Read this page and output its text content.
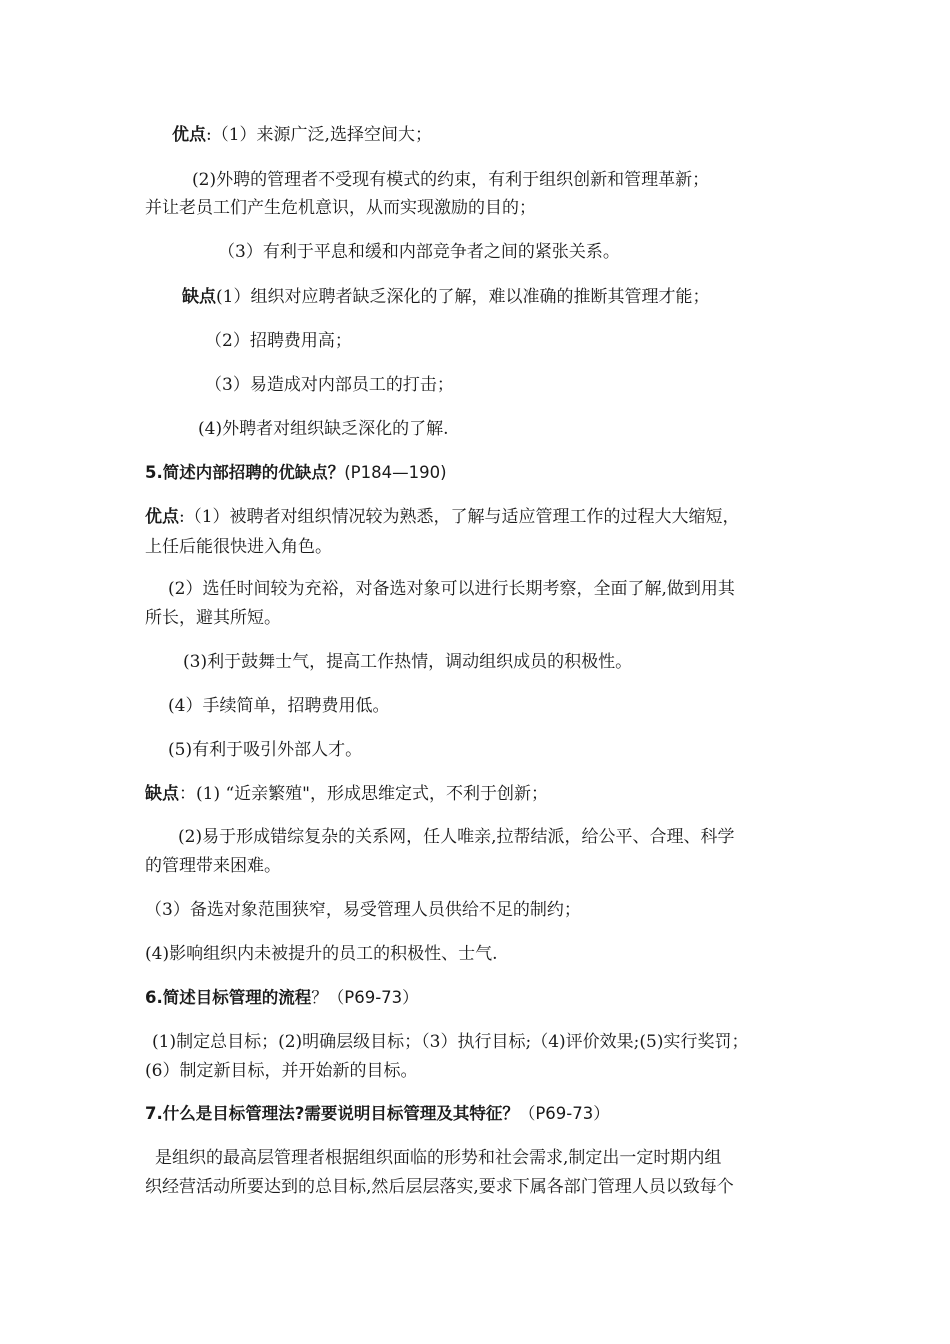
优点:（1）来源广泛,选择空间大；
(2)外聘的管理者不受现有模式的约束，有利于组织创新和管理革新；
并让老员工们产生危机意识，从而实现激励的目的；
（3）有利于平息和缓和内部竞争者之间的紧张关系。
缺点(1）组织对应聘者缺乏深化的了解，难以准确的推断其管理才能；
（2）招聘费用高；
（3）易造成对内部员工的打击；
(4)外聘者对组织缺乏深化的了解.
5.简述内部招聘的优缺点？(P184—190)
优点:（1）被聘者对组织情况较为熟悉，了解与适应管理工作的过程大大缩短，
上任后能很快进入角色。
(2）选任时间较为充裕，对备选对象可以进行长期考察，全面了解,做到用其
所长，避其所短。
(3)利于鼓舞士气，提高工作热情，调动组织成员的积极性。
(4）手续简单，招聘费用低。
(5)有利于吸引外部人才。
缺点：(1) “近亲繁殖"，形成思维定式，不利于创新；
(2)易于形成错综复杂的关系网，任人唯亲,拉帮结派，给公平、合理、科学
的管理带来困难。
（3）备选对象范围狭窄，易受管理人员供给不足的制约；
(4)影响组织内未被提升的员工的积极性、士气.
6.简述目标管理的流程？（P69-73）
(1)制定总目标；(2)明确层级目标；（3）执行目标;（4)评价效果;(5)实行奖罚；
(6）制定新目标，并开始新的目标。
7.什么是目标管理法?需要说明目标管理及其特征？（P69-73）
是组织的最高层管理者根据组织面临的形势和社会需求,制定出一定时期内组
织经营活动所要达到的总目标,然后层层落实,要求下属各部门管理人员以致每个
